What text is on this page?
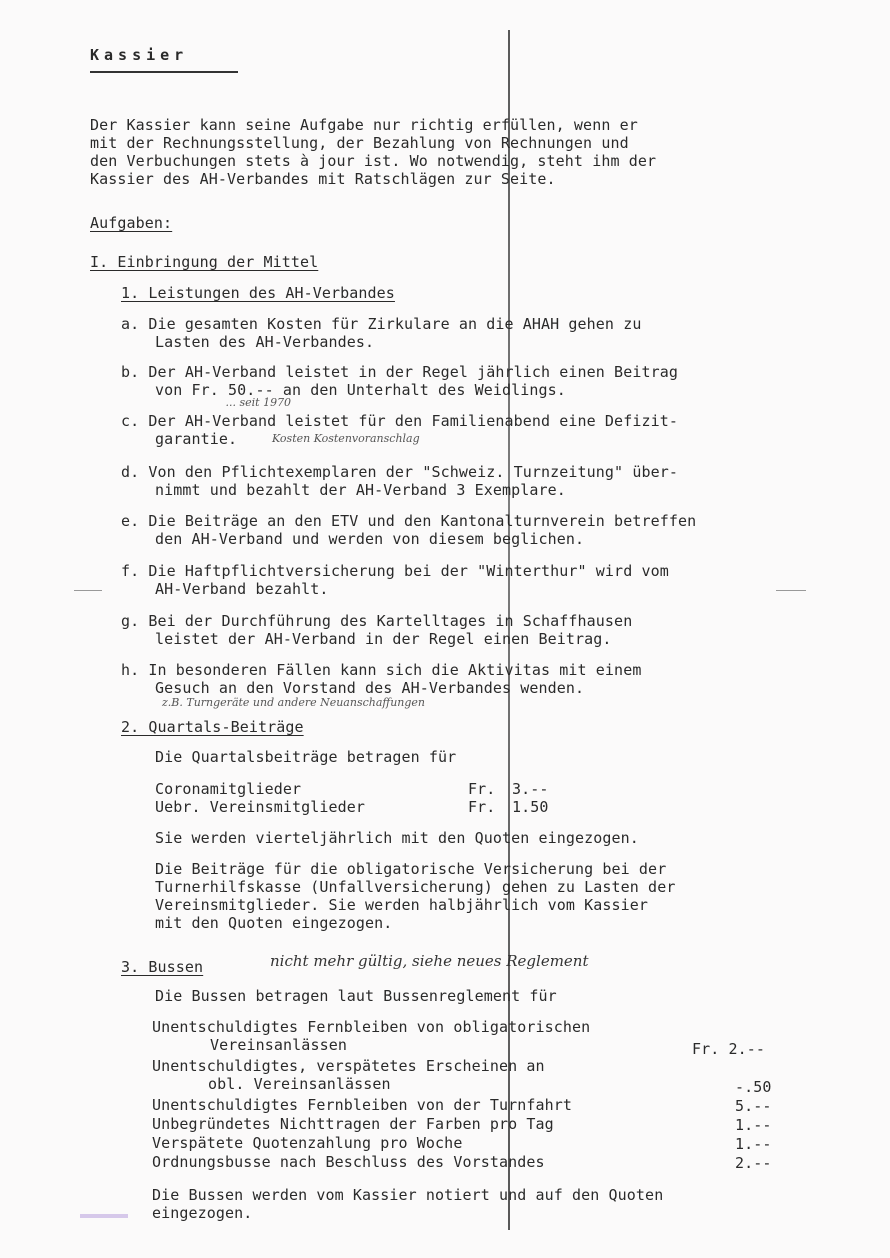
Kassier
Der Kassier kann seine Aufgabe nur richtig erfüllen, wenn er
mit der Rechnungsstellung, der Bezahlung von Rechnungen und
den Verbuchungen stets à jour ist. Wo notwendig, steht ihm der
Kassier des AH-Verbandes mit Ratschlägen zur Seite.
Aufgaben:
I. Einbringung der Mittel
1. Leistungen des AH-Verbandes
a. Die gesamten Kosten für Zirkulare an die AHAH gehen zu
Lasten des AH-Verbandes.
b. Der AH-Verband leistet in der Regel jährlich einen Beitrag
von Fr. 50.-- an den Unterhalt des Weidlings.
... seit 1970
c. Der AH-Verband leistet für den Familienabend eine Defizit-
garantie.	Kosten Kostenvoranschlag
d. Von den Pflichtexemplaren der "Schweiz. Turnzeitung" über-
nimmt und bezahlt der AH-Verband 3 Exemplare.
e. Die Beiträge an den ETV und den Kantonalturnverein betreffen
den AH-Verband und werden von diesem beglichen.
f. Die Haftpflichtversicherung bei der "Winterthur" wird vom
AH-Verband bezahlt.
g. Bei der Durchführung des Kartelltages in Schaffhausen
leistet der AH-Verband in der Regel einen Beitrag.
h. In besonderen Fällen kann sich die Aktivitas mit einem
Gesuch an den Vorstand des AH-Verbandes wenden.
z.B. Turngeräte und andere Neuanschaffungen
2. Quartals-Beiträge
Die Quartalsbeiträge betragen für
Coronamitglieder	Fr. 3.--
Uebr. Vereinsmitglieder	Fr. 1.50
Sie werden vierteljährlich mit den Quoten eingezogen.
Die Beiträge für die obligatorische Versicherung bei der
Turnerhilfskasse (Unfallversicherung) gehen zu Lasten der
Vereinsmitglieder. Sie werden halbjährlich vom Kassier
mit den Quoten eingezogen.
3. Bussen	nicht mehr gültig, siehe neues Reglement
Die Bussen betragen laut Bussenreglement für
Unentschuldigtes Fernbleiben von obligatorischen
Vereinsanlässen	Fr. 2.--
Unentschuldigtes, verspätetes Erscheinen an
obl. Vereinsanlässen	-.50
Unentschuldigtes Fernbleiben von der Turnfahrt	5.--
Unbegründetes Nichttragen der Farben pro Tag	1.--
Verspätete Quotenzahlung pro Woche	1.--
Ordnungsbusse nach Beschluss des Vorstandes	2.--
Die Bussen werden vom Kassier notiert und auf den Quoten
eingezogen.
